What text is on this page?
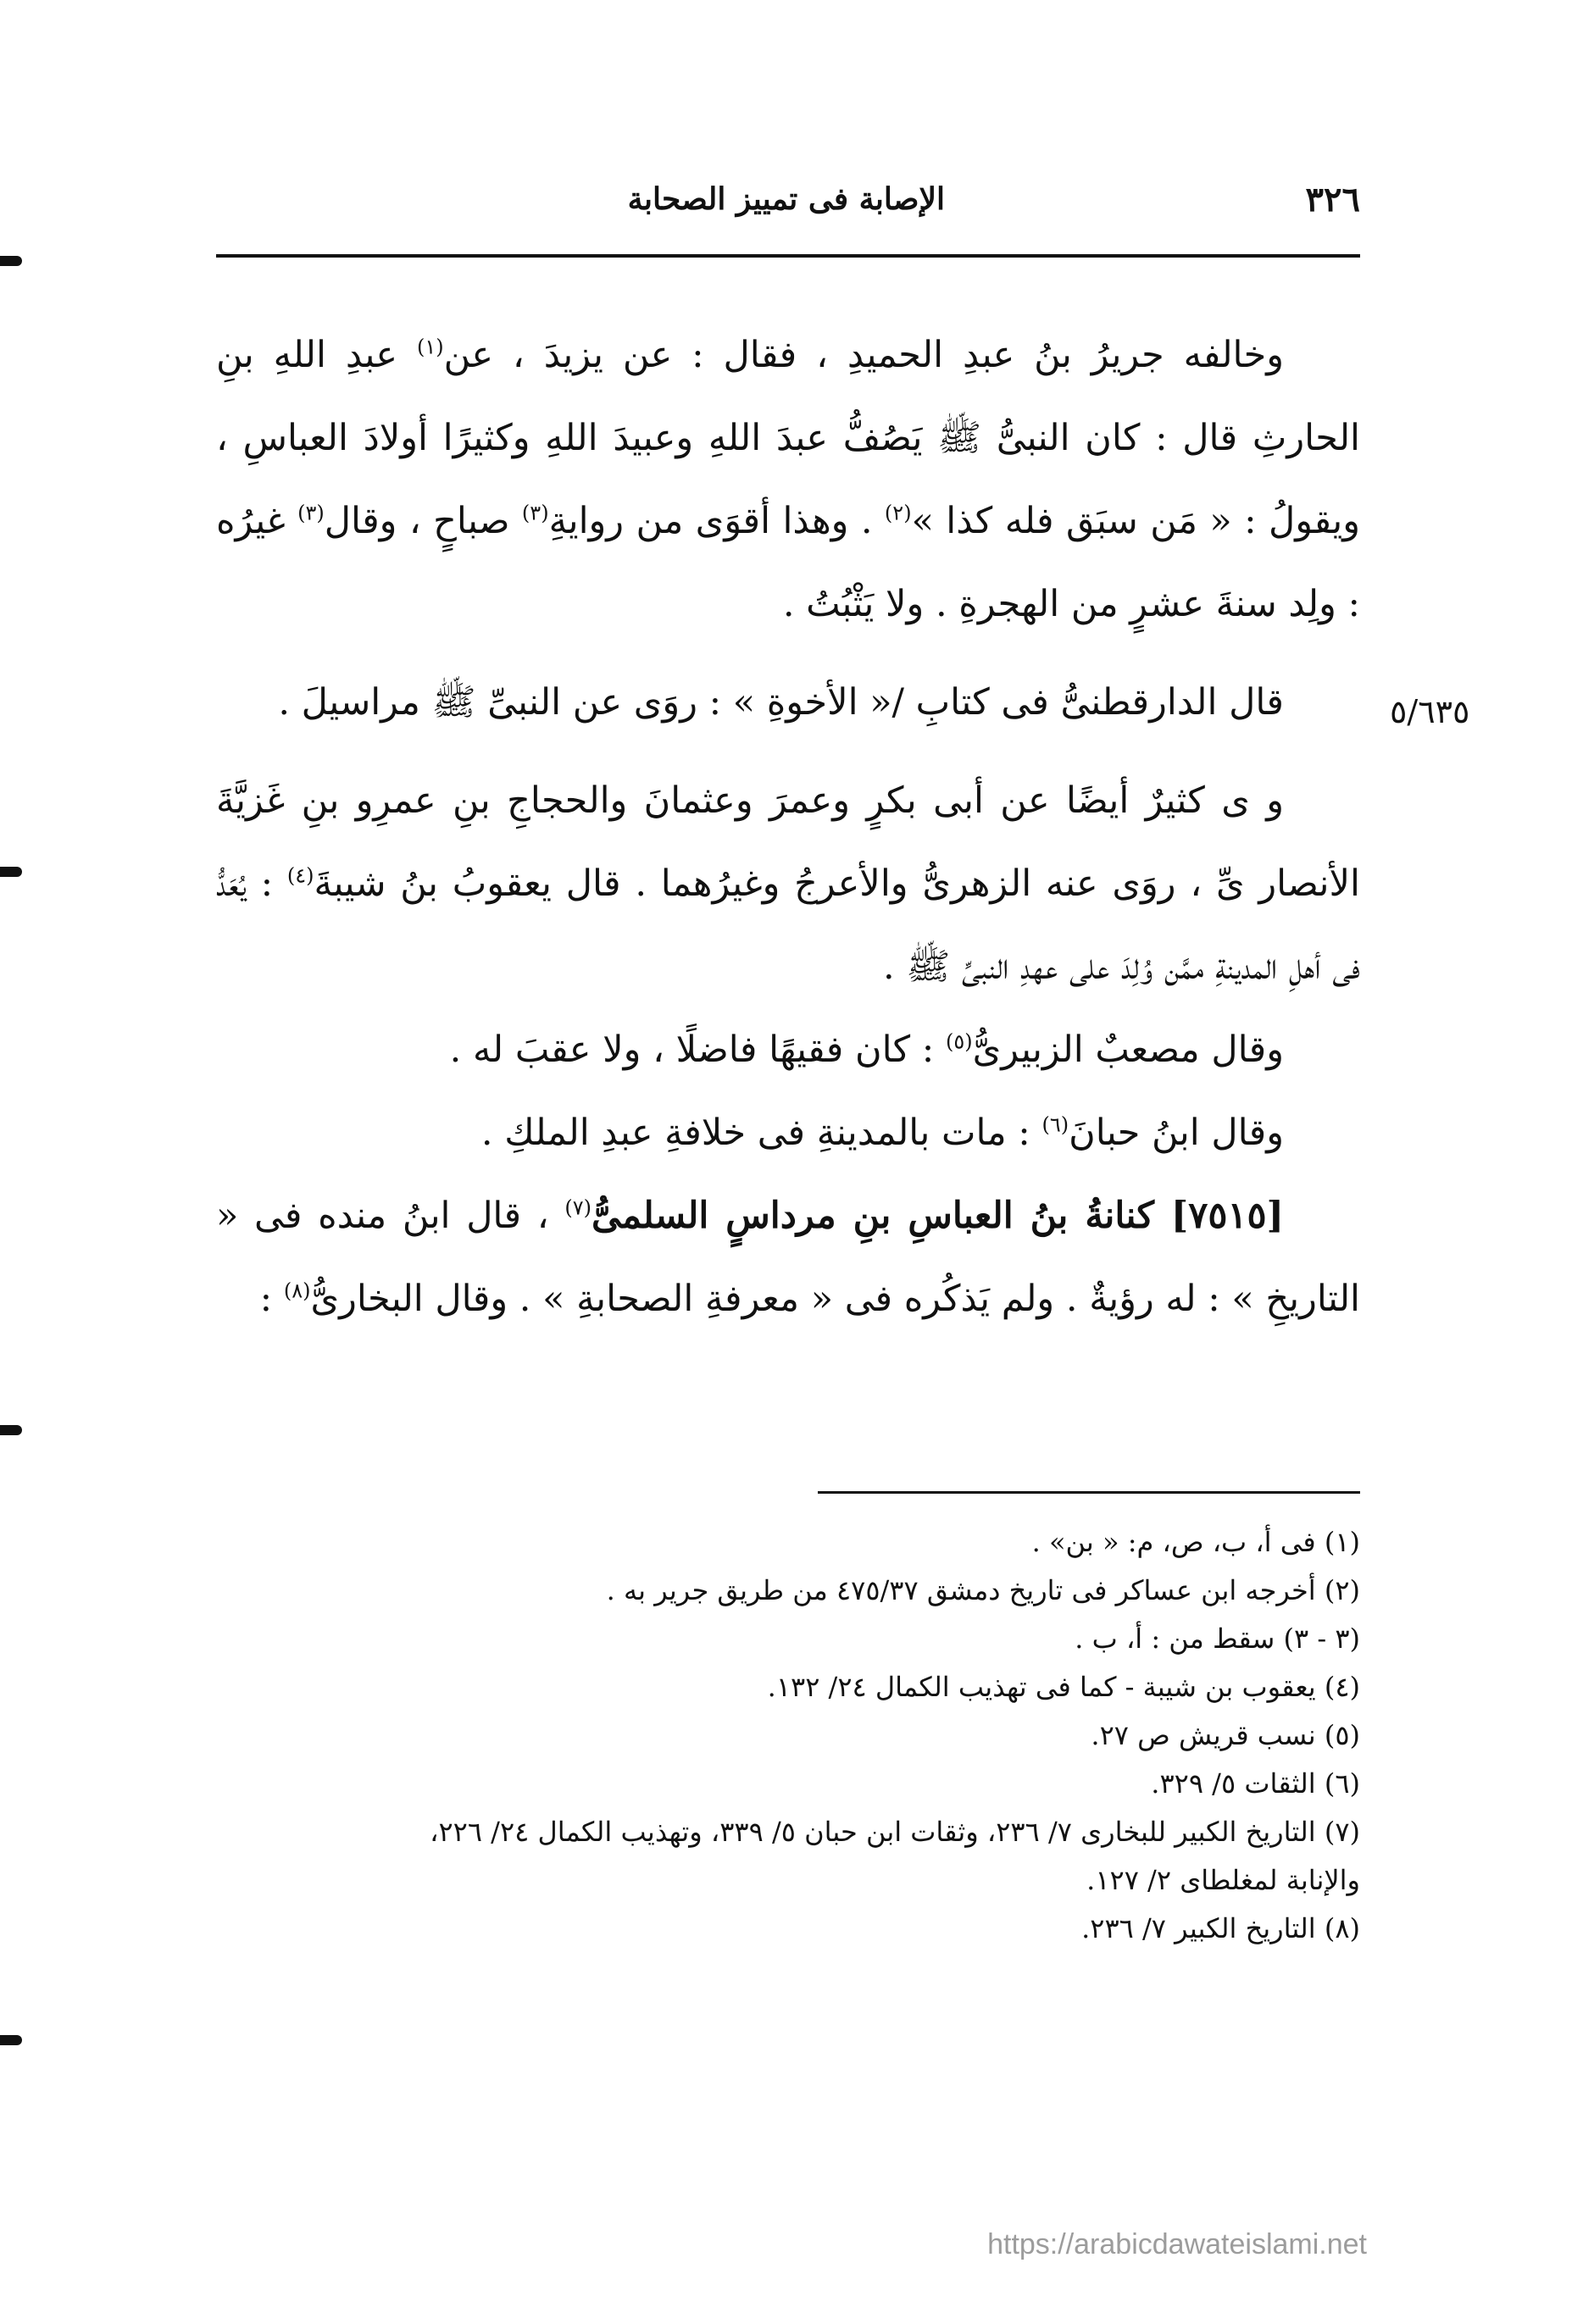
٣٢٦
الإصابة فى تمييز الصحابة
٥/٦٣٥

وخالفه جريرُ بنُ عبدِ الحميدِ ، فقال : عن يزيدَ ، عن$^{(١)}$ عبدِ اللهِ بنِ الحارثِ قال : كان النبىُّ ﷺ يَصُفُّ عبدَ اللهِ وعبيدَ اللهِ وكثيرًا أولادَ العباسِ ، ويقولُ : « مَن سبَق فله كذا »$^{(٢)}$ . وهذا أقوَى من روايةِ$^{(٣)}$ صباحٍ ، وقال$^{(٣)}$ غيرُه : ولِد سنةَ عشرٍ من الهجرةِ . ولا يَثْبُتُ .

قال الدارقطنىُّ فى كتابِ /« الأخوةِ » : روَى عن النبىِّ ﷺ مراسيلَ .

و ى كثيرٌ أيضًا عن أبى بكرٍ وعمرَ وعثمانَ والحجاجِ بنِ عمرِو بنِ غَزيَّةَ الأنصار ىِّ ، روَى عنه الزهرىُّ والأعرجُ وغيرُهما . قال يعقوبُ بنُ شيبةَ$^{(٤)}$ : يُعَدُّ فى أهلِ المدينةِ ممَّن وُلِدَ على عهدِ النبىِّ ﷺ .

وقال مصعبٌ الزبيرىُّ$^{(٥)}$ : كان فقيهًا فاضلًا ، ولا عقبَ له .

وقال ابنُ حبانَ$^{(٦)}$ : مات بالمدينةِ فى خلافةِ عبدِ الملكِ .

[٧٥١٥] كنانةُ بنُ العباسِ بنِ مرداسٍ السلمىُّ$^{(٧)}$ ، قال ابنُ منده فى « التاريخِ » : له رؤيةٌ . ولم يَذكُره فى « معرفةِ الصحابةِ » . وقال البخارىُّ$^{(٨)}$ :

(١) فى أ، ب، ص، م: « بن» .

(٢) أخرجه ابن عساكر فى تاريخ دمشق ٤٧٥/٣٧ من طريق جرير به .

(٣ - ٣) سقط من : أ، ب .

(٤) يعقوب بن شيبة - كما فى تهذيب الكمال ٢٤/ ١٣٢.

(٥) نسب قريش ص ٢٧.

(٦) الثقات ٥/ ٣٢٩.

(٧) التاريخ الكبير للبخارى ٧/ ٢٣٦، وثقات ابن حبان ٥/ ٣٣٩، وتهذيب الكمال ٢٤/ ٢٢٦،

والإنابة لمغلطاى ٢/ ١٢٧.

(٨) التاريخ الكبير ٧/ ٢٣٦.

https://arabicdawateislami.net
